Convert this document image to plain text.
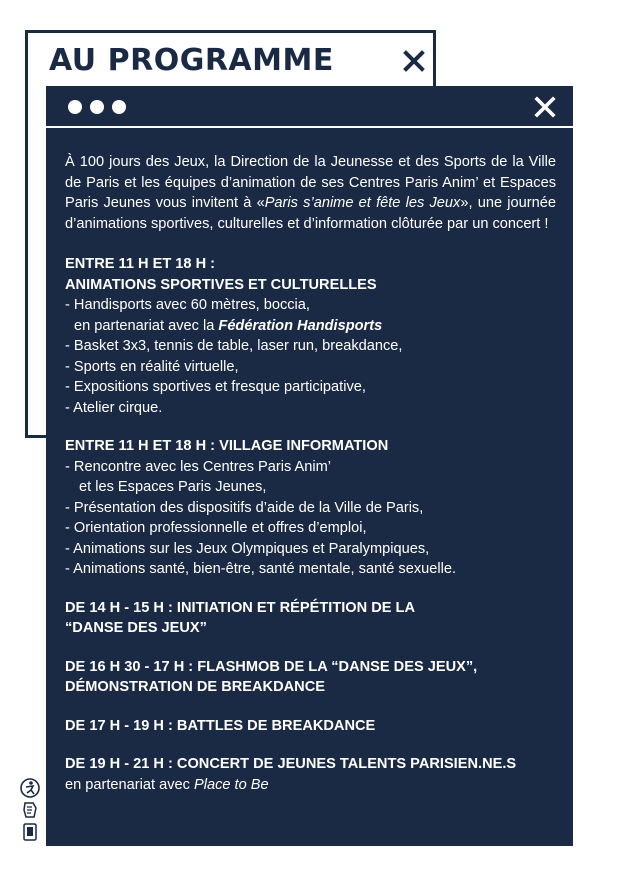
AU PROGRAMME

À 100 jours des Jeux, la Direction de la Jeunesse et des Sports de la Ville de Paris et les équipes d’animation de ses Centres Paris Anim’ et Espaces Paris Jeunes vous invitent à «Paris s’anime et fête les Jeux», une journée d’animations sportives, culturelles et d’information clôturée par un concert !

ENTRE 11 H ET 18 H :
ANIMATIONS SPORTIVES ET CULTURELLES
- Handisports avec 60 mètres, boccia,
en partenariat avec la Fédération Handisports
- Basket 3x3, tennis de table, laser run, breakdance,
- Sports en réalité virtuelle,
- Expositions sportives et fresque participative,
- Atelier cirque.
ENTRE 11 H ET 18 H : VILLAGE INFORMATION
- Rencontre avec les Centres Paris Anim’
et les Espaces Paris Jeunes,
- Présentation des dispositifs d’aide de la Ville de Paris,
- Orientation professionnelle et offres d’emploi,
- Animations sur les Jeux Olympiques et Paralympiques,
- Animations santé, bien-être, santé mentale, santé sexuelle.
DE 14 H - 15 H : INITIATION ET RÉPÉTITION DE LA
“DANSE DES JEUX”
DE 16 H 30 - 17 H : FLASHMOB DE LA “DANSE DES JEUX”,
DÉMONSTRATION DE BREAKDANCE
DE 17 H - 19 H : BATTLES DE BREAKDANCE
DE 19 H - 21 H : CONCERT DE JEUNES TALENTS PARISIEN.NE.S
en partenariat avec Place to Be
